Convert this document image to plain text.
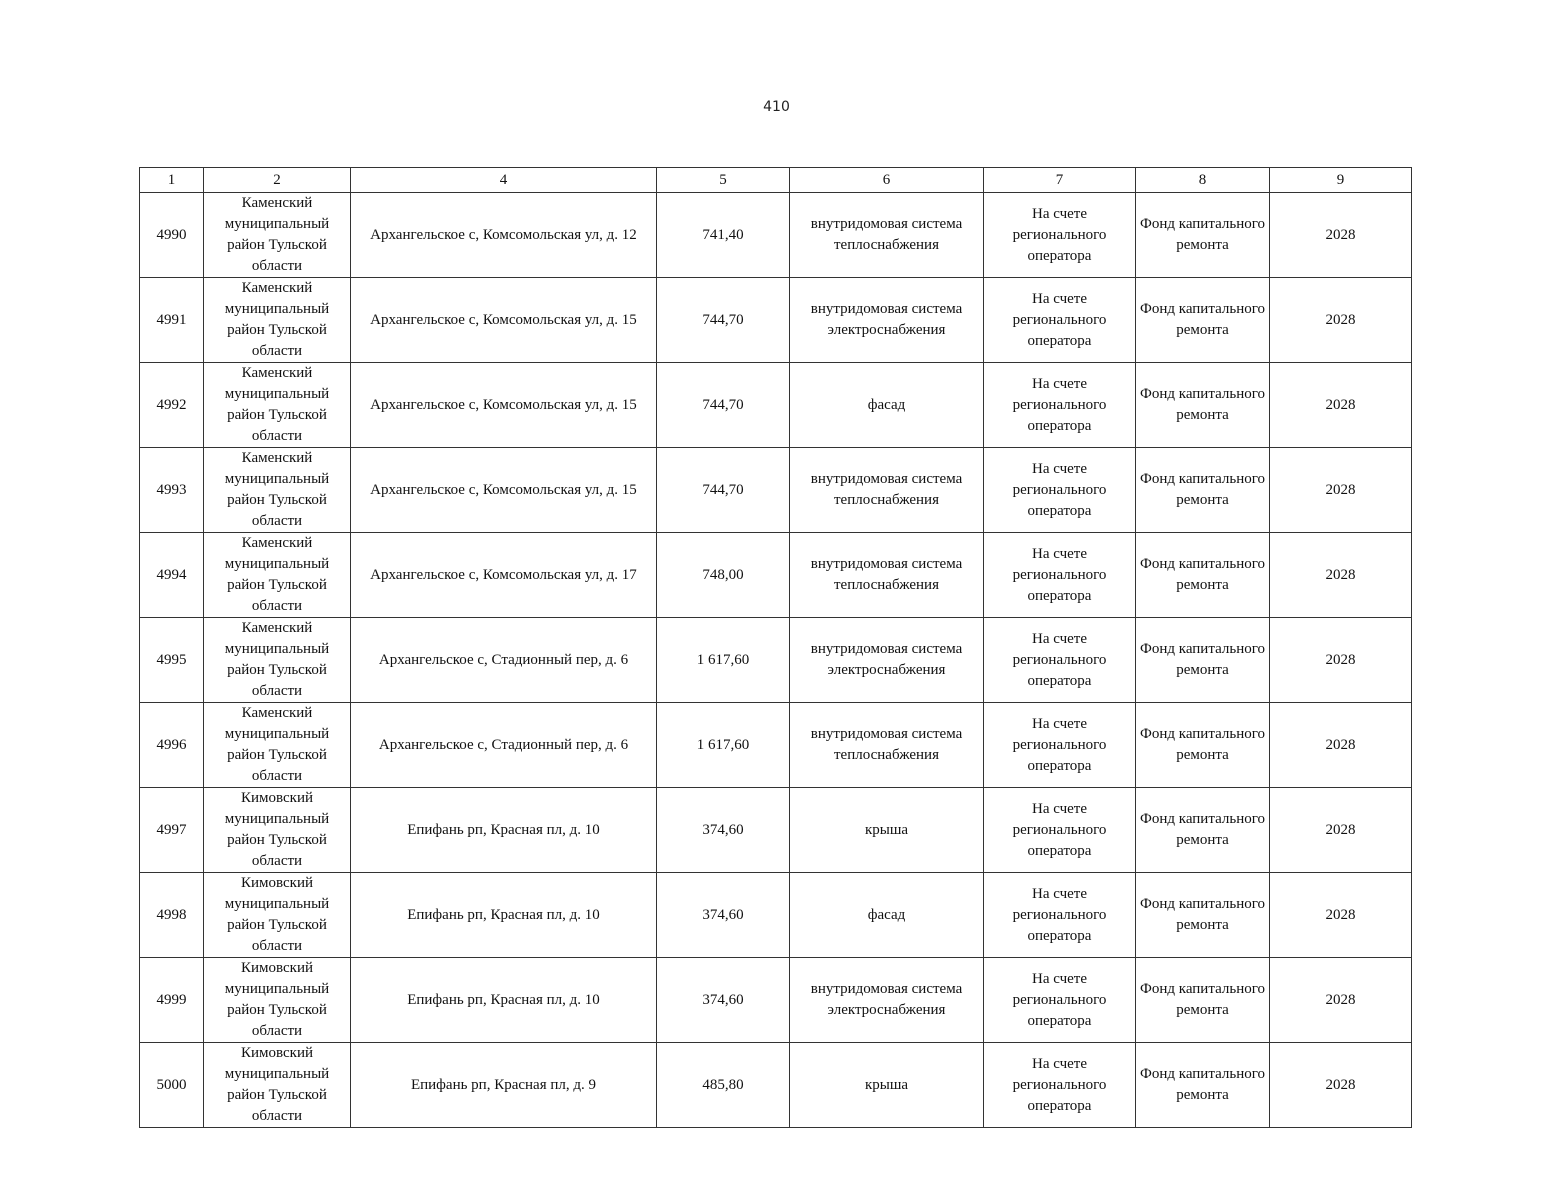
410
1	2	4	5	6	7	8	9
4990	Каменский муниципальный район Тульской области	Архангельское с, Комсомольская ул, д. 12	741,40	внутридомовая система теплоснабжения	На счете регионального оператора	Фонд капитального ремонта	2028
4991	Каменский муниципальный район Тульской области	Архангельское с, Комсомольская ул, д. 15	744,70	внутридомовая система электроснабжения	На счете регионального оператора	Фонд капитального ремонта	2028
4992	Каменский муниципальный район Тульской области	Архангельское с, Комсомольская ул, д. 15	744,70	фасад	На счете регионального оператора	Фонд капитального ремонта	2028
4993	Каменский муниципальный район Тульской области	Архангельское с, Комсомольская ул, д. 15	744,70	внутридомовая система теплоснабжения	На счете регионального оператора	Фонд капитального ремонта	2028
4994	Каменский муниципальный район Тульской области	Архангельское с, Комсомольская ул, д. 17	748,00	внутридомовая система теплоснабжения	На счете регионального оператора	Фонд капитального ремонта	2028
4995	Каменский муниципальный район Тульской области	Архангельское с, Стадионный пер, д. 6	1 617,60	внутридомовая система электроснабжения	На счете регионального оператора	Фонд капитального ремонта	2028
4996	Каменский муниципальный район Тульской области	Архангельское с, Стадионный пер, д. 6	1 617,60	внутридомовая система теплоснабжения	На счете регионального оператора	Фонд капитального ремонта	2028
4997	Кимовский муниципальный район Тульской области	Епифань рп, Красная пл, д. 10	374,60	крыша	На счете регионального оператора	Фонд капитального ремонта	2028
4998	Кимовский муниципальный район Тульской области	Епифань рп, Красная пл, д. 10	374,60	фасад	На счете регионального оператора	Фонд капитального ремонта	2028
4999	Кимовский муниципальный район Тульской области	Епифань рп, Красная пл, д. 10	374,60	внутридомовая система электроснабжения	На счете регионального оператора	Фонд капитального ремонта	2028
5000	Кимовский муниципальный район Тульской области	Епифань рп, Красная пл, д. 9	485,80	крыша	На счете регионального оператора	Фонд капитального ремонта	2028
